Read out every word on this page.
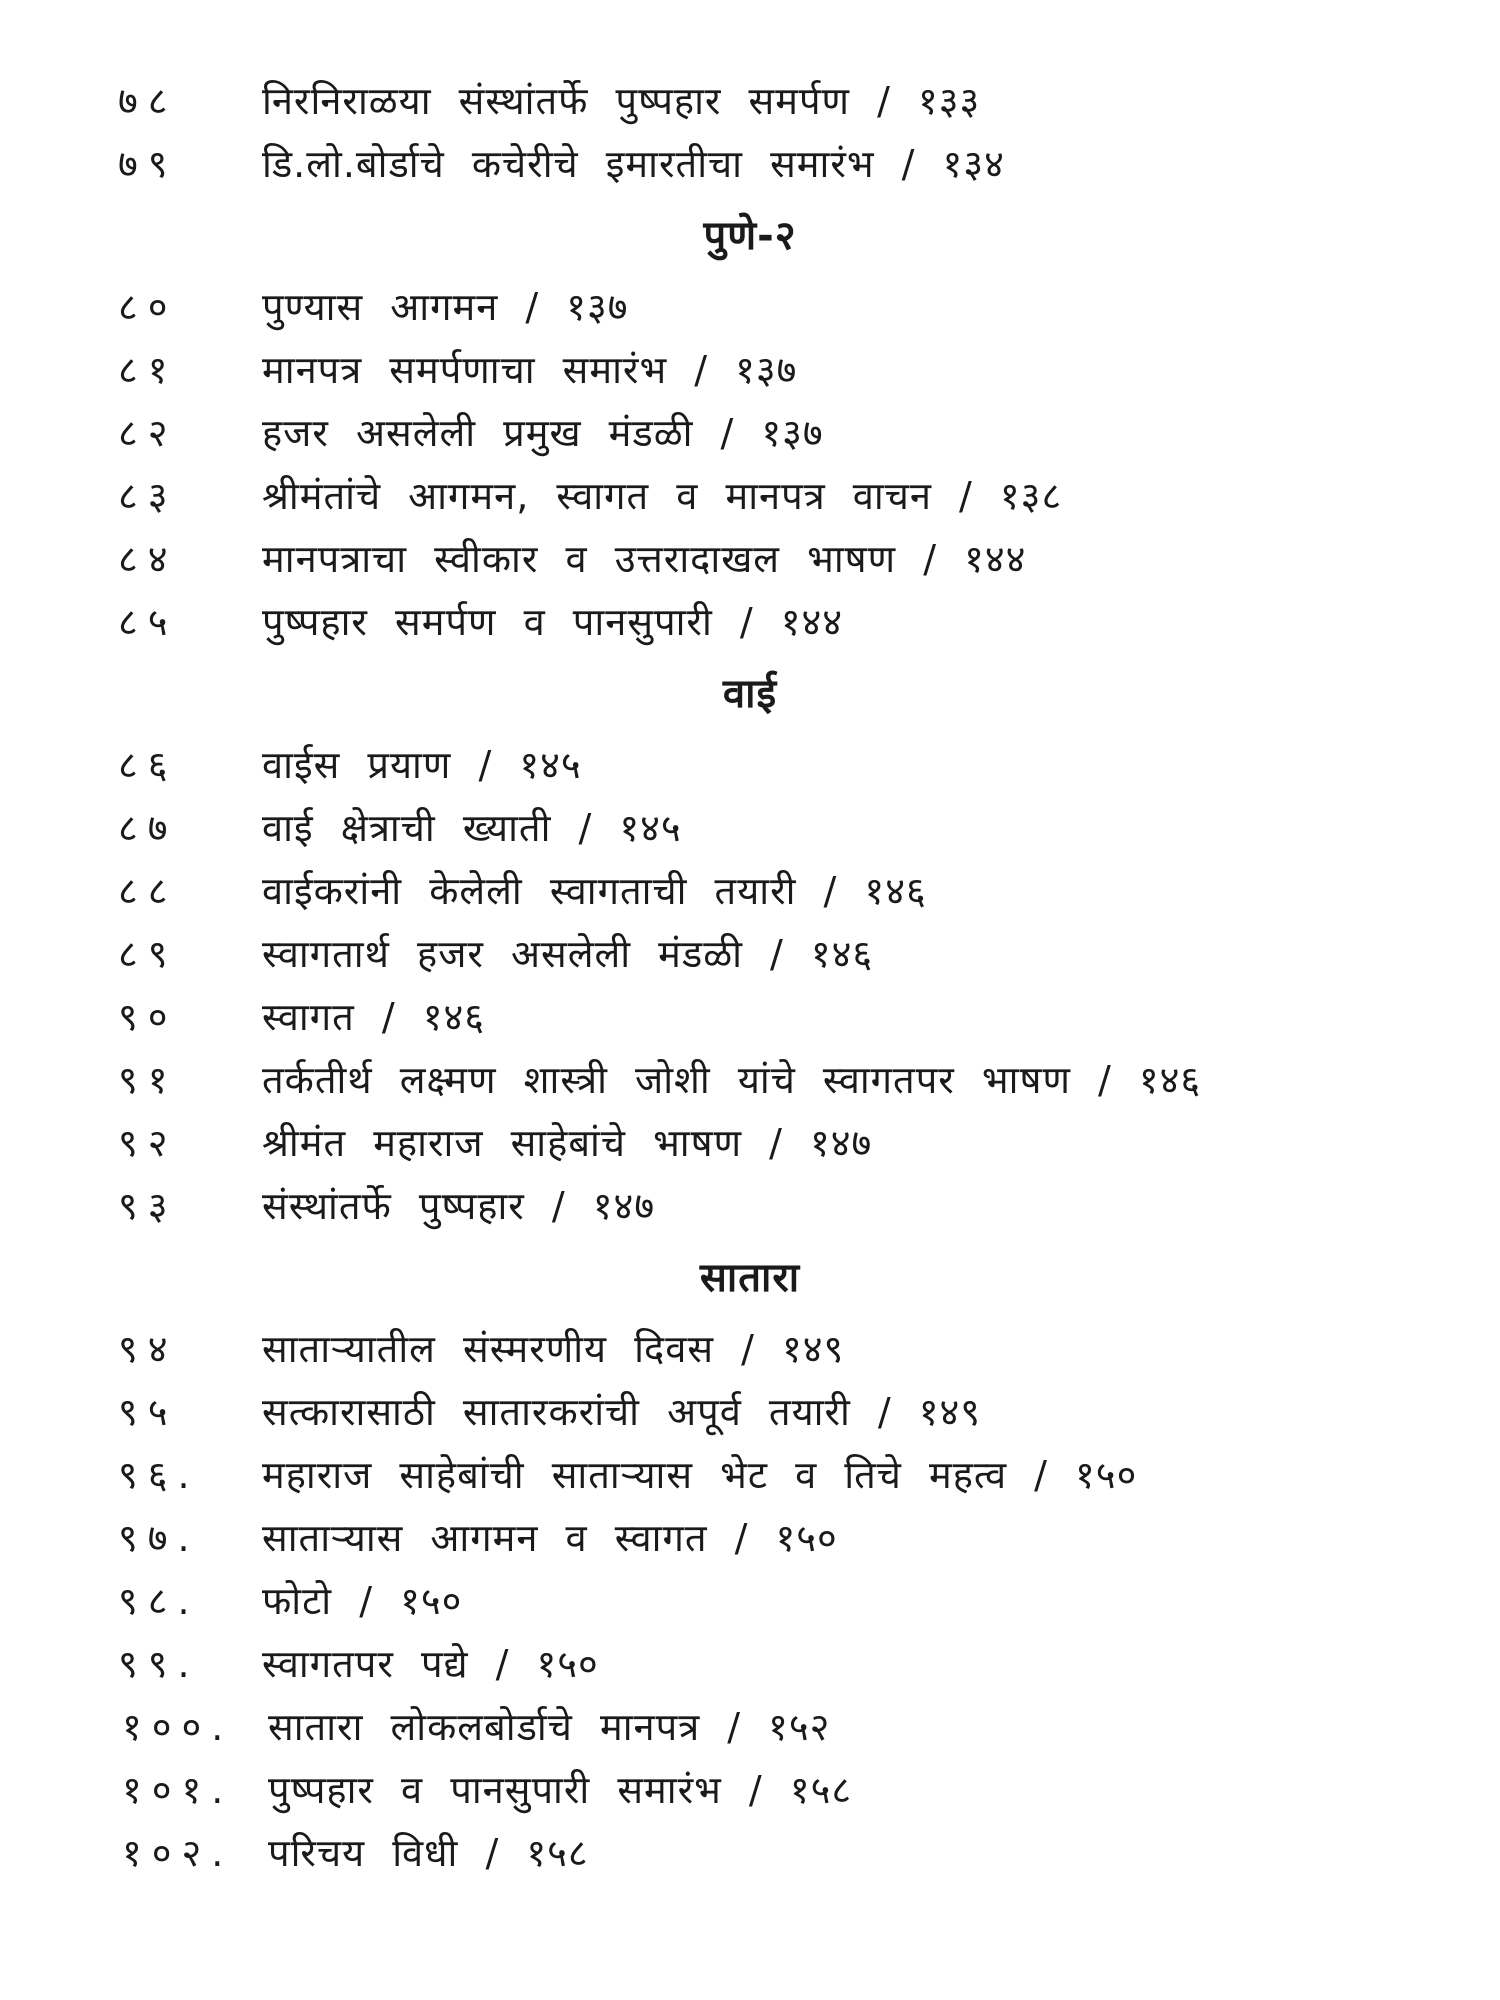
७८ निरनिराळया संस्थांतर्फे पुष्पहार समर्पण / १३३
७९ डि.लो.बोर्डाचे कचेरीचे इमारतीचा समारंभ / १३४
पुणे-२
८० पुण्यास आगमन / १३७
८१ मानपत्र समर्पणाचा समारंभ / १३७
८२ हजर असलेली प्रमुख मंडळी / १३७
८३ श्रीमंतांचे आगमन, स्वागत व मानपत्र वाचन / १३८
८४ मानपत्राचा स्वीकार व उत्तरादाखल भाषण / १४४
८५ पुष्पहार समर्पण व पानसुपारी / १४४
वाई
८६ वाईस प्रयाण / १४५
८७ वाई क्षेत्राची ख्याती / १४५
८८ वाईकरांनी केलेली स्वागताची तयारी / १४६
८९ स्वागतार्थ हजर असलेली मंडळी / १४६
९० स्वागत / १४६
९१ तर्कतीर्थ लक्ष्मण शास्त्री जोशी यांचे स्वागतपर भाषण / १४६
९२ श्रीमंत महाराज साहेबांचे भाषण / १४७
९३ संस्थांतर्फे पुष्पहार / १४७
सातारा
९४ साताऱ्यातील संस्मरणीय दिवस / १४९
९५ सत्कारासाठी सातारकरांची अपूर्व तयारी / १४९
९६. महाराज साहेबांची साताऱ्यास भेट व तिचे महत्व / १५०
९७. साताऱ्यास आगमन व स्वागत / १५०
९८. फोटो / १५०
९९. स्वागतपर पद्ये / १५०
१००. सातारा लोकलबोर्डाचे मानपत्र / १५२
१०१. पुष्पहार व पानसुपारी समारंभ / १५८
१०२. परिचय विधी / १५८
